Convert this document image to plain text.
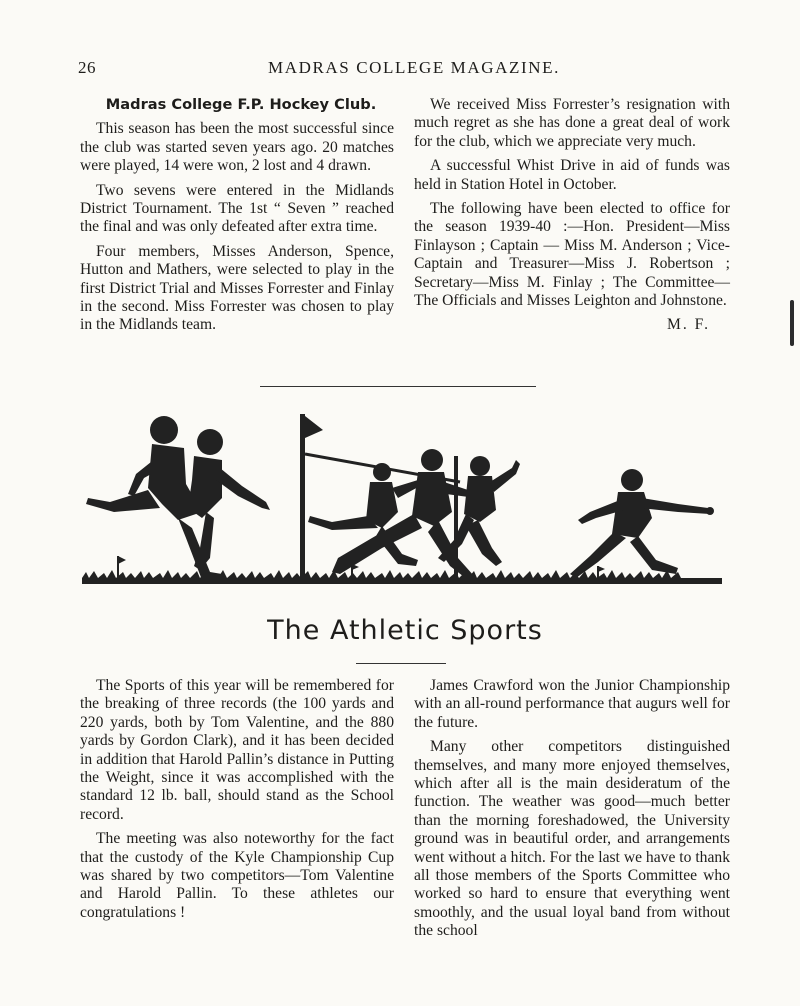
26	MADRAS COLLEGE MAGAZINE.
Madras College F.P. Hockey Club.

This season has been the most successful since the club was started seven years ago. 20 matches were played, 14 were won, 2 lost and 4 drawn.

Two sevens were entered in the Midlands District Tournament. The 1st “ Seven ” reached the final and was only defeated after extra time.

Four members, Misses Anderson, Spence, Hutton and Mathers, were selected to play in the first District Trial and Misses Forrester and Finlay in the second. Miss Forrester was chosen to play in the Midlands team.

We received Miss Forrester’s resignation with much regret as she has done a great deal of work for the club, which we appreciate very much.

A successful Whist Drive in aid of funds was held in Station Hotel in October.

The following have been elected to office for the season 1939-40 :—Hon. President—Miss Finlayson ; Captain — Miss M. Anderson ; Vice-Captain and Treasurer—Miss J. Robertson ; Secretary—Miss M. Finlay ; The Committee—The Officials and Misses Leighton and Johnstone.

M. F.
The Athletic Sports

The Sports of this year will be remembered for the breaking of three records (the 100 yards and 220 yards, both by Tom Valentine, and the 880 yards by Gordon Clark), and it has been decided in addition that Harold Pallin’s distance in Putting the Weight, since it was accomplished with the standard 12 lb. ball, should stand as the School record.

The meeting was also noteworthy for the fact that the custody of the Kyle Championship Cup was shared by two competitors—Tom Valentine and Harold Pallin. To these athletes our congratulations !

James Crawford won the Junior Championship with an all-round performance that augurs well for the future.

Many other competitors distinguished themselves, and many more enjoyed themselves, which after all is the main desideratum of the function. The weather was good—much better than the morning foreshadowed, the University ground was in beautiful order, and arrangements went without a hitch. For the last we have to thank all those members of the Sports Committee who worked so hard to ensure that everything went smoothly, and the usual loyal band from without the school
